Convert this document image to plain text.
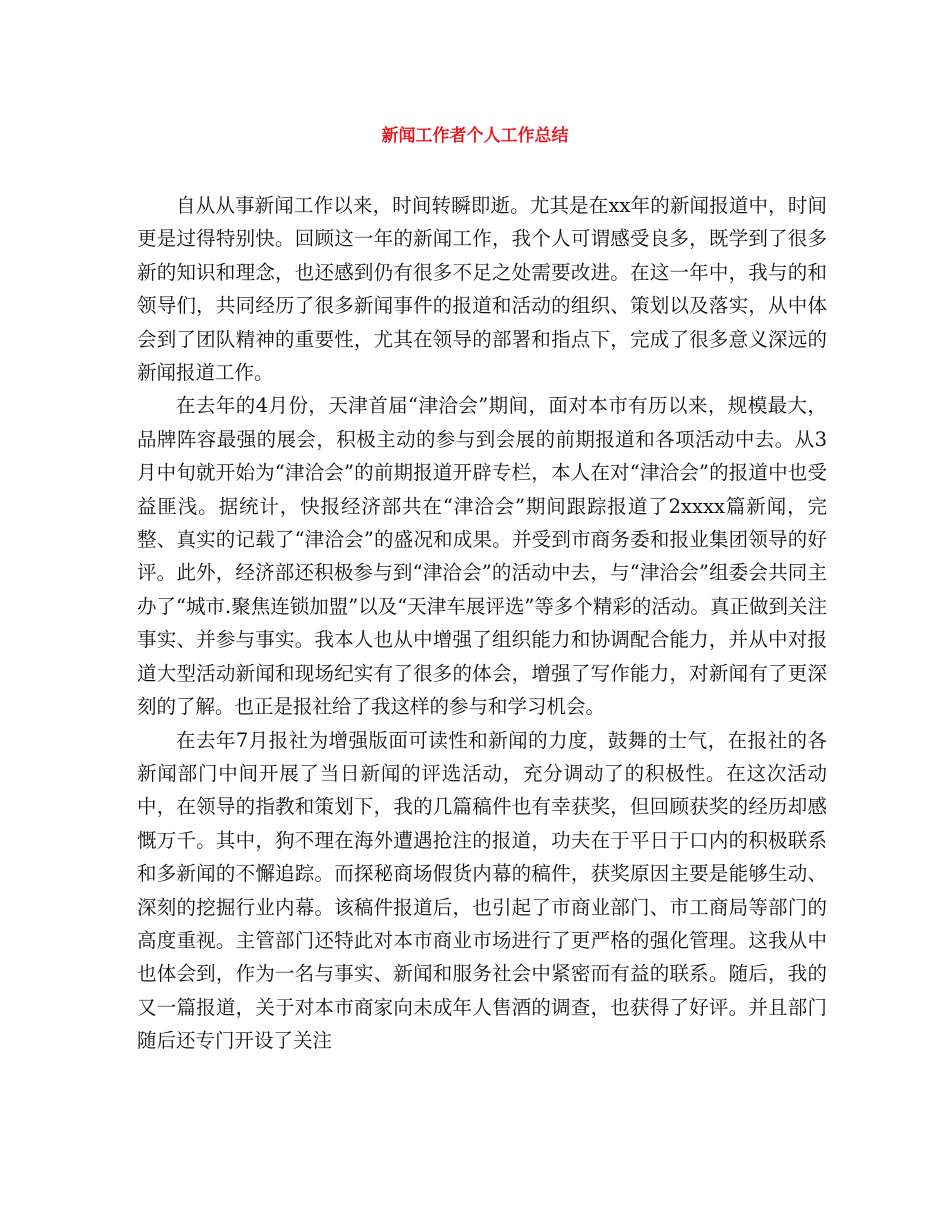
新闻工作者个人工作总结

自从从事新闻工作以来，时间转瞬即逝。尤其是在xx年的新闻报道中，时间更是过得特别快。回顾这一年的新闻工作，我个人可谓感受良多，既学到了很多新的知识和理念，也还感到仍有很多不足之处需要改进。在这一年中，我与的和领导们，共同经历了很多新闻事件的报道和活动的组织、策划以及落实，从中体会到了团队精神的重要性，尤其在领导的部署和指点下，完成了很多意义深远的新闻报道工作。

在去年的4月份，天津首届“津洽会”期间，面对本市有历以来，规模最大，品牌阵容最强的展会，积极主动的参与到会展的前期报道和各项活动中去。从3月中旬就开始为“津洽会”的前期报道开辟专栏，本人在对“津洽会”的报道中也受益匪浅。据统计，快报经济部共在“津洽会”期间跟踪报道了2xxxx篇新闻，完整、真实的记载了“津洽会”的盛况和成果。并受到市商务委和报业集团领导的好评。此外，经济部还积极参与到“津洽会”的活动中去，与“津洽会”组委会共同主办了“城市.聚焦连锁加盟”以及“天津车展评选”等多个精彩的活动。真正做到关注事实、并参与事实。我本人也从中增强了组织能力和协调配合能力，并从中对报道大型活动新闻和现场纪实有了很多的体会，增强了写作能力，对新闻有了更深刻的了解。也正是报社给了我这样的参与和学习机会。

在去年7月报社为增强版面可读性和新闻的力度，鼓舞的士气，在报社的各新闻部门中间开展了当日新闻的评选活动，充分调动了的积极性。在这次活动中，在领导的指教和策划下，我的几篇稿件也有幸获奖，但回顾获奖的经历却感慨万千。其中，狗不理在海外遭遇抢注的报道，功夫在于平日于口内的积极联系和多新闻的不懈追踪。而探秘商场假货内幕的稿件，获奖原因主要是能够生动、深刻的挖掘行业内幕。该稿件报道后，也引起了市商业部门、市工商局等部门的高度重视。主管部门还特此对本市商业市场进行了更严格的强化管理。这我从中也体会到，作为一名与事实、新闻和服务社会中紧密而有益的联系。随后，我的又一篇报道，关于对本市商家向未成年人售酒的调查，也获得了好评。并且部门随后还专门开设了关注
